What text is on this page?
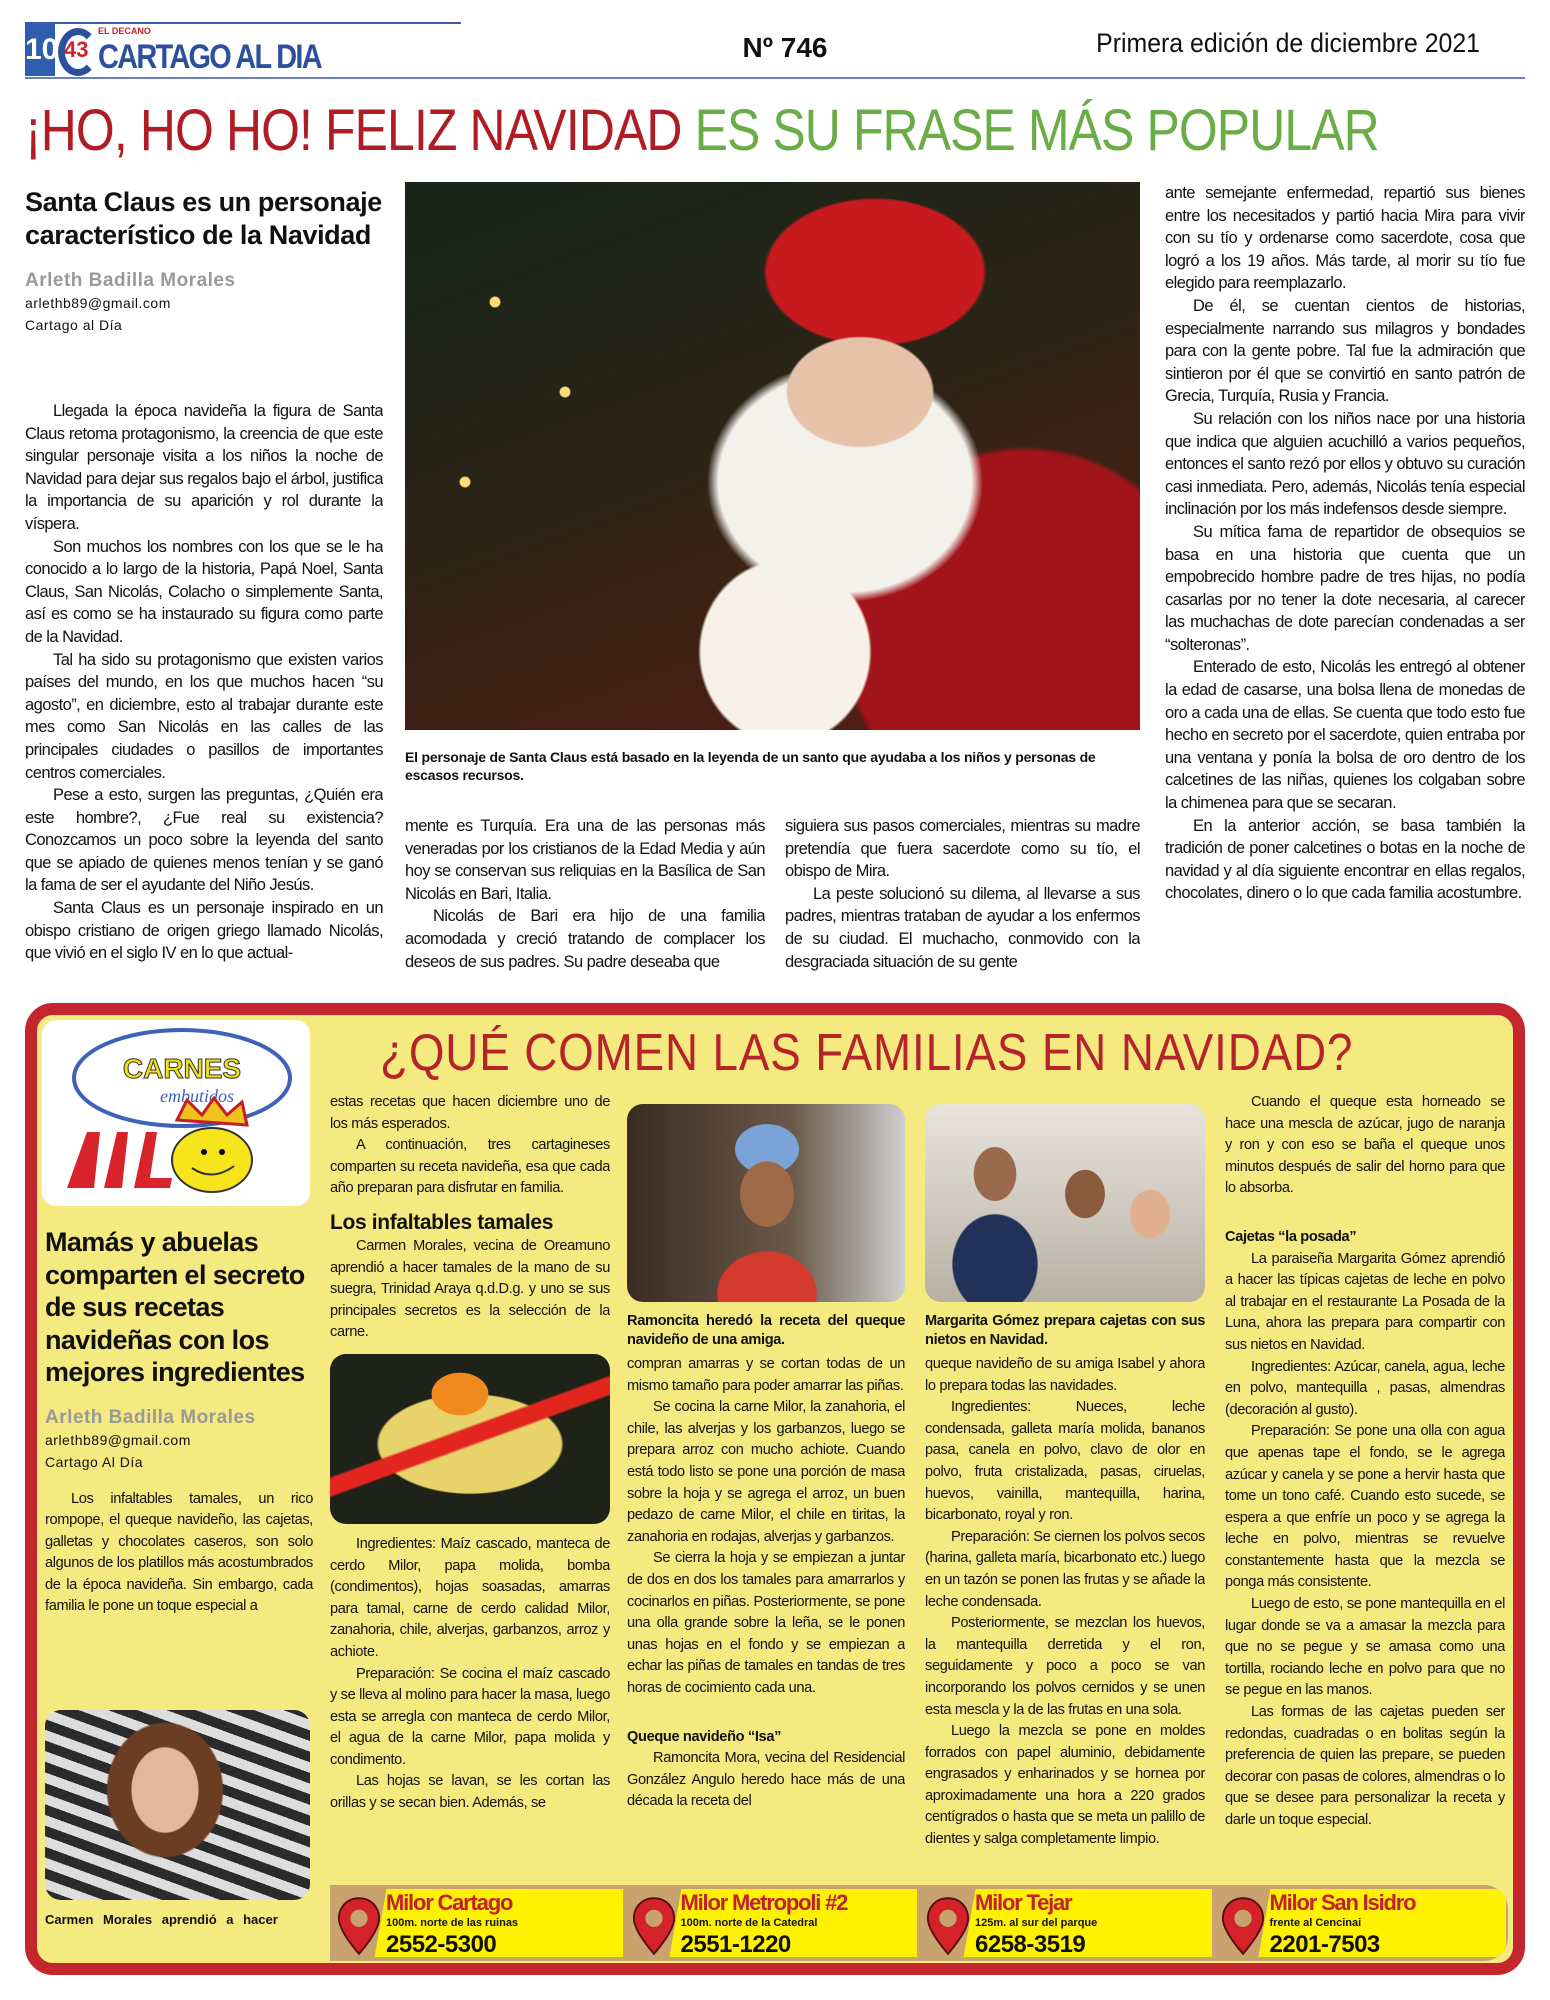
10 43
EL DECANO
CARTAGO AL DIA	Nº 746	Primera edición de diciembre 2021
¡HO, HO HO! FELIZ NAVIDAD ES SU FRASE MÁS POPULAR
Santa Claus es un personaje característico de la Navidad
Arleth Badilla Morales
arlethb89@gmail.com
Cartago al Día

Llegada la época navideña la figura de Santa Claus retoma protagonismo, la creencia de que este singular personaje visita a los niños la noche de Navidad para dejar sus regalos bajo el árbol, justifica la importancia de su aparición y rol durante la víspera.

Son muchos los nombres con los que se le ha conocido a lo largo de la historia, Papá Noel, Santa Claus, San Nicolás, Colacho o simplemente Santa, así es como se ha instaurado su figura como parte de la Navidad.

Tal ha sido su protagonismo que existen varios países del mundo, en los que muchos hacen “su agosto”, en diciembre, esto al trabajar durante este mes como San Nicolás en las calles de las principales ciudades o pasillos de importantes centros comerciales.

Pese a esto, surgen las preguntas, ¿Quién era este hombre?, ¿Fue real su existencia? Conozcamos un poco sobre la leyenda del santo que se apiado de quienes menos tenían y se ganó la fama de ser el ayudante del Niño Jesús.

Santa Claus es un personaje inspirado en un obispo cristiano de origen griego llamado Nicolás, que vivió en el siglo IV en lo que actual-

El personaje de Santa Claus está basado en la leyenda de un santo que ayudaba a los niños y personas de escasos recursos.

mente es Turquía. Era una de las personas más veneradas por los cristianos de la Edad Media y aún hoy se conservan sus reliquias en la Basílica de San Nicolás en Bari, Italia.

Nicolás de Bari era hijo de una familia acomodada y creció tratando de complacer los deseos de sus padres. Su padre deseaba que

siguiera sus pasos comerciales, mientras su madre pretendía que fuera sacerdote como su tío, el obispo de Mira.

La peste solucionó su dilema, al llevarse a sus padres, mientras trataban de ayudar a los enfermos de su ciudad. El muchacho, conmovido con la desgraciada situación de su gente

ante semejante enfermedad, repartió sus bienes entre los necesitados y partió hacia Mira para vivir con su tío y ordenarse como sacerdote, cosa que logró a los 19 años. Más tarde, al morir su tío fue elegido para reemplazarlo.

De él, se cuentan cientos de historias, especialmente narrando sus milagros y bondades para con la gente pobre. Tal fue la admiración que sintieron por él que se convirtió en santo patrón de Grecia, Turquía, Rusia y Francia.

Su relación con los niños nace por una historia que indica que alguien acuchilló a varios pequeños, entonces el santo rezó por ellos y obtuvo su curación casi inmediata. Pero, además, Nicolás tenía especial inclinación por los más indefensos desde siempre.

Su mítica fama de repartidor de obsequios se basa en una historia que cuenta que un empobrecido hombre padre de tres hijas, no podía casarlas por no tener la dote necesaria, al carecer las muchachas de dote parecían condenadas a ser “solteronas”.

Enterado de esto, Nicolás les entregó al obtener la edad de casarse, una bolsa llena de monedas de oro a cada una de ellas. Se cuenta que todo esto fue hecho en secreto por el sacerdote, quien entraba por una ventana y ponía la bolsa de oro dentro de los calcetines de las niñas, quienes los colgaban sobre la chimenea para que se secaran.

En la anterior acción, se basa también la tradición de poner calcetines o botas en la noche de navidad y al día siguiente encontrar en ellas regalos, chocolates, dinero o lo que cada familia acostumbre.

CARNES
embutidos
¿QUÉ COMEN LAS FAMILIAS EN NAVIDAD?
Mamás y abuelas comparten el secreto de sus recetas navideñas con los mejores ingredientes
Arleth Badilla Morales
arlethb89@gmail.com
Cartago Al Día

Los infaltables tamales, un rico rompope, el queque navideño, las cajetas, galletas y chocolates caseros, son solo algunos de los platillos más acostumbrados de la época navideña. Sin embargo, cada familia le pone un toque especial a

Carmen Morales aprendió a hacer

estas recetas que hacen diciembre uno de los más esperados.

A continuación, tres cartagineses comparten su receta navideña, esa que cada año preparan para disfrutar en familia.

Los infaltables tamales

Carmen Morales, vecina de Oreamuno aprendió a hacer tamales de la mano de su suegra, Trinidad Araya q.d.D.g. y uno se sus principales secretos es la selección de la carne.

Ingredientes: Maíz cascado, manteca de cerdo Milor, papa molida, bomba (condimentos), hojas soasadas, amarras para tamal, carne de cerdo calidad Milor, zanahoria, chile, alverjas, garbanzos, arroz y achiote.

Preparación: Se cocina el maíz cascado y se lleva al molino para hacer la masa, luego esta se arregla con manteca de cerdo Milor, el agua de la carne Milor, papa molida y condimento.

Las hojas se lavan, se les cortan las orillas y se secan bien. Además, se

Ramoncita heredó la receta del queque navideño de una amiga.

compran amarras y se cortan todas de un mismo tamaño para poder amarrar las piñas.

Se cocina la carne Milor, la zanahoria, el chile, las alverjas y los garbanzos, luego se prepara arroz con mucho achiote. Cuando está todo listo se pone una porción de masa sobre la hoja y se agrega el arroz, un buen pedazo de carne Milor, el chile en tiritas, la zanahoria en rodajas, alverjas y garbanzos.

Se cierra la hoja y se empiezan a juntar de dos en dos los tamales para amarrarlos y cocinarlos en piñas. Posteriormente, se pone una olla grande sobre la leña, se le ponen unas hojas en el fondo y se empiezan a echar las piñas de tamales en tandas de tres horas de cocimiento cada una.

Queque navideño “Isa”

Ramoncita Mora, vecina del Residencial González Angulo heredo hace más de una década la receta del

Margarita Gómez prepara cajetas con sus nietos en Navidad.

queque navideño de su amiga Isabel y ahora lo prepara todas las navidades.

Ingredientes: Nueces, leche condensada, galleta maría molida, bananos pasa, canela en polvo, clavo de olor en polvo, fruta cristalizada, pasas, ciruelas, huevos, vainilla, mantequilla, harina, bicarbonato, royal y ron.

Preparación: Se ciernen los polvos secos (harina, galleta maría, bicarbonato etc.) luego en un tazón se ponen las frutas y se añade la leche condensada.

Posteriormente, se mezclan los huevos, la mantequilla derretida y el ron, seguidamente y poco a poco se van incorporando los polvos cernidos y se unen esta mescla y la de las frutas en una sola.

Luego la mezcla se pone en moldes forrados con papel aluminio, debidamente engrasados y enharinados y se hornea por aproximadamente una hora a 220 grados centígrados o hasta que se meta un palillo de dientes y salga completamente limpio.

Cuando el queque esta horneado se hace una mescla de azúcar, jugo de naranja y ron y con eso se baña el queque unos minutos después de salir del horno para que lo absorba.

Cajetas “la posada”

La paraiseña Margarita Gómez aprendió a hacer las típicas cajetas de leche en polvo al trabajar en el restaurante La Posada de la Luna, ahora las prepara para compartir con sus nietos en Navidad.

Ingredientes: Azúcar, canela, agua, leche en polvo, mantequilla , pasas, almendras (decoración al gusto).

Preparación: Se pone una olla con agua que apenas tape el fondo, se le agrega azúcar y canela y se pone a hervir hasta que tome un tono café. Cuando esto sucede, se espera a que enfríe un poco y se agrega la leche en polvo, mientras se revuelve constantemente hasta que la mezcla se ponga más consistente.

Luego de esto, se pone mantequilla en el lugar donde se va a amasar la mezcla para que no se pegue y se amasa como una tortilla, rociando leche en polvo para que no se pegue en las manos.

Las formas de las cajetas pueden ser redondas, cuadradas o en bolitas según la preferencia de quien las prepare, se pueden decorar con pasas de colores, almendras o lo que se desee para personalizar la receta y darle un toque especial.

Milor Cartago
100m. norte de las ruinas
2552-5300
Milor Metropoli #2
100m. norte de la Catedral
2551-1220
Milor Tejar
125m. al sur del parque
6258-3519
Milor San Isidro
frente al Cencinai
2201-7503
